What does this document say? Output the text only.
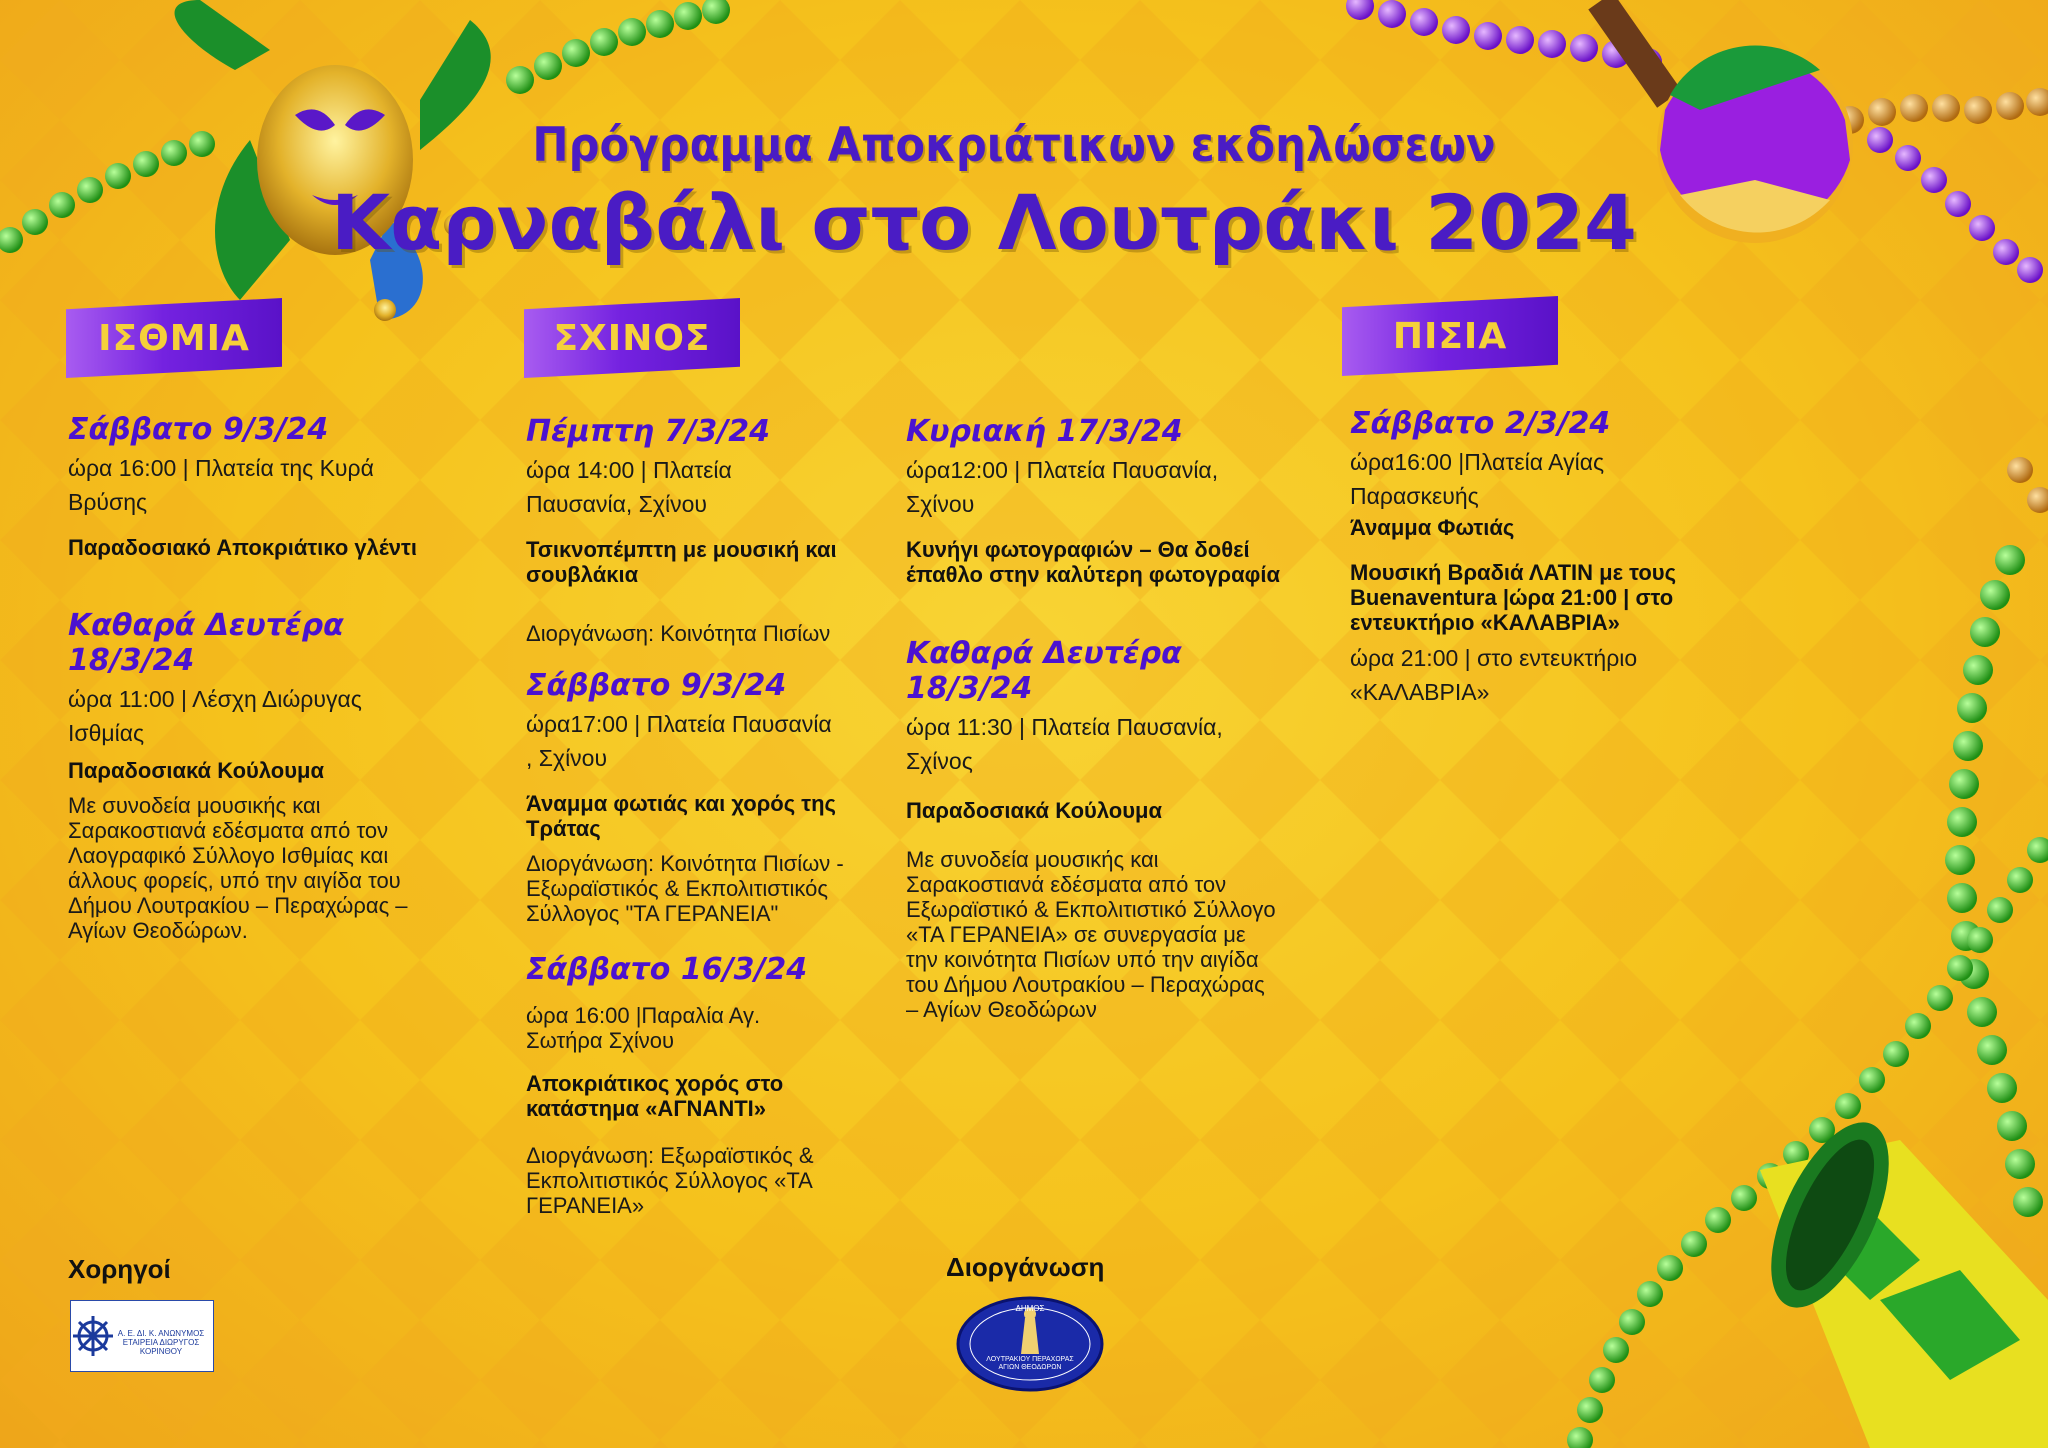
Πρόγραμμα Αποκριάτικων εκδηλώσεων
Καρναβάλι στο Λουτράκι 2024
ΙΣΘΜΙΑ	ΣΧΙΝΟΣ	ΠΙΣΙΑ
Σάββατο 9/3/24
ώρα 16:00 | Πλατεία της Κυρά
Βρύσης
Παραδοσιακό Αποκριάτικο γλέντι
Καθαρά Δευτέρα 18/3/24
ώρα 11:00 | Λέσχη Διώρυγας
Ισθμίας
Παραδοσιακά Κούλουμα
Με συνοδεία μουσικής και Σαρακοστιανά εδέσματα από τον Λαογραφικό Σύλλογο Ισθμίας και άλλους φορείς, υπό την αιγίδα του Δήμου Λουτρακίου – Περαχώρας – Αγίων Θεοδώρων.
Πέμπτη 7/3/24
ώρα 14:00 | Πλατεία
Παυσανία, Σχίνου
Τσικνοπέμπτη με μουσική και σουβλάκια
Διοργάνωση: Κοινότητα Πισίων
Σάββατο 9/3/24
ώρα17:00 | Πλατεία Παυσανία
, Σχίνου
Άναμμα φωτιάς και χορός της Τράτας
Διοργάνωση: Κοινότητα Πισίων - Εξωραϊστικός & Εκπολιτιστικός Σύλλογος "ΤΑ ΓΕΡΑΝΕΙΑ"
Σάββατο 16/3/24
ώρα 16:00 |Παραλία Αγ.
Σωτήρα Σχίνου
Αποκριάτικος χορός στο κατάστημα «ΑΓΝΑΝΤΙ»
Διοργάνωση: Εξωραϊστικός & Εκπολιτιστικός Σύλλογος «ΤΑ ΓΕΡΑΝΕΙΑ»
Κυριακή 17/3/24
ώρα12:00 | Πλατεία Παυσανία,
Σχίνου
Κυνήγι φωτογραφιών – Θα δοθεί έπαθλο στην καλύτερη φωτογραφία
Καθαρά Δευτέρα 18/3/24
ώρα 11:30 | Πλατεία Παυσανία,
Σχίνος
Παραδοσιακά Κούλουμα
Με συνοδεία μουσικής και Σαρακοστιανά εδέσματα από τον Εξωραϊστικό & Εκπολιτιστικό Σύλλογο «ΤΑ ΓΕΡΑΝΕΙΑ» σε συνεργασία με την κοινότητα Πισίων υπό την αιγίδα του Δήμου Λουτρακίου – Περαχώρας – Αγίων Θεοδώρων
Σάββατο 2/3/24
ώρα16:00 |Πλατεία Αγίας
Παρασκευής
Άναμμα Φωτιάς
Μουσική Βραδιά ΛΑΤΙΝ με τους Buenaventura |ώρα 21:00 | στο εντευκτήριο «ΚΑΛΑΒΡΙΑ»
ώρα 21:00 | στο εντευκτήριο
«ΚΑΛΑΒΡΙΑ»
Χορηγοί	Διοργάνωση
Α. Ε. ΔΙ. Κ. ΑΝΩΝΥΜΟΣ ΕΤΑΙΡΕΙΑ ΔΙΩΡΥΓΟΣ ΚΟΡΙΝΘΟΥ
ΔΗΜΟΣ
ΛΟΥΤΡΑΚΙΟΥ ΠΕΡΑΧΩΡΑΣ ΑΓΙΩΝ ΘΕΟΔΩΡΩΝ
